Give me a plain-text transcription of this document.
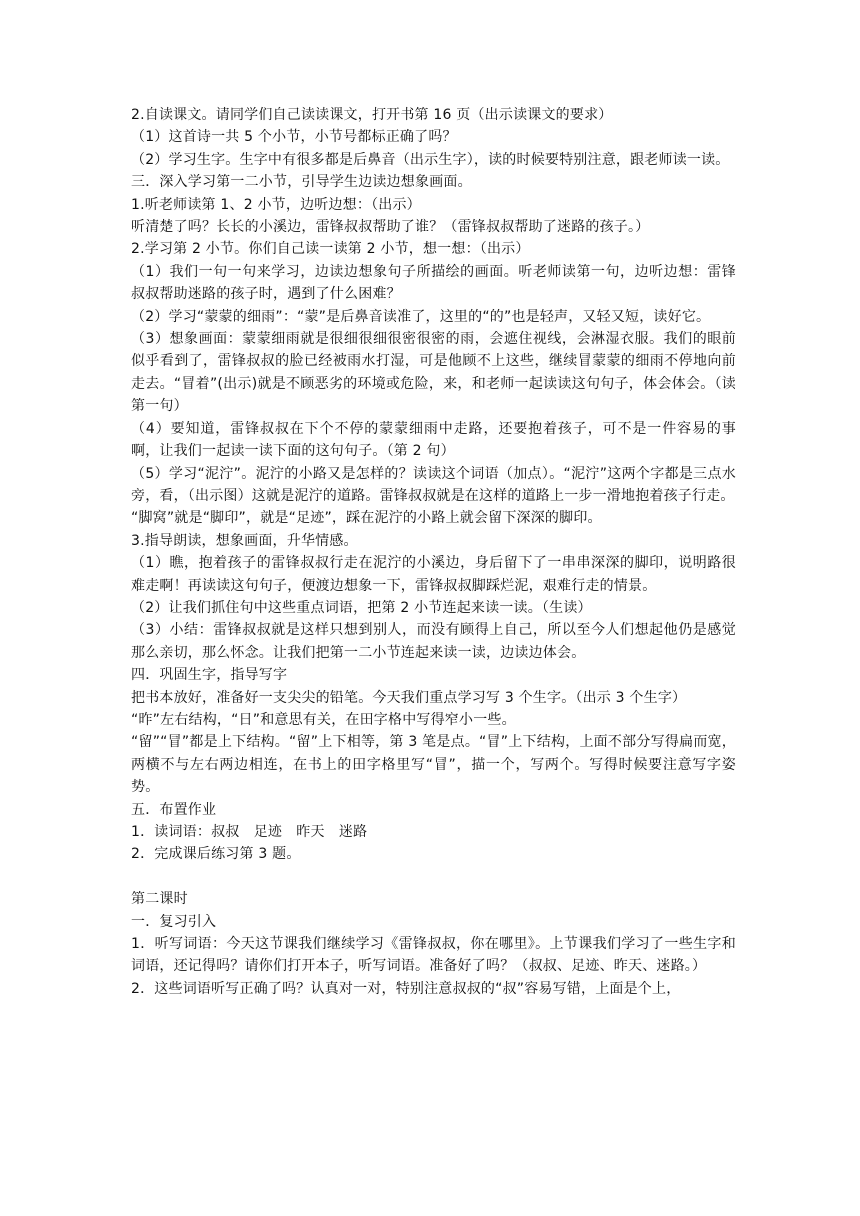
2.自读课文。请同学们自己读读课文，打开书第 16 页（出示读课文的要求）

（1）这首诗一共 5 个小节，小节号都标正确了吗？

（2）学习生字。生字中有很多都是后鼻音（出示生字），读的时候要特别注意，跟老师读一读。

三．深入学习第一二小节，引导学生边读边想象画面。

1.听老师读第 1、2 小节，边听边想：（出示）

听清楚了吗？长长的小溪边，雷锋叔叔帮助了谁？（雷锋叔叔帮助了迷路的孩子。）

2.学习第 2 小节。你们自己读一读第 2 小节，想一想：（出示）

（1）我们一句一句来学习，边读边想象句子所描绘的画面。听老师读第一句，边听边想：雷锋叔叔帮助迷路的孩子时，遇到了什么困难？

（2）学习“蒙蒙的细雨”：“蒙”是后鼻音读准了，这里的“的”也是轻声，又轻又短，读好它。

（3）想象画面：蒙蒙细雨就是很细很细很密很密的雨，会遮住视线，会淋湿衣服。我们的眼前似乎看到了，雷锋叔叔的脸已经被雨水打湿，可是他顾不上这些，继续冒蒙蒙的细雨不停地向前走去。“冒着”(出示)就是不顾恶劣的环境或危险，来，和老师一起读读这句句子，体会体会。（读第一句）

（4）要知道，雷锋叔叔在下个不停的蒙蒙细雨中走路，还要抱着孩子，可不是一件容易的事啊，让我们一起读一读下面的这句句子。（第 2 句）

（5）学习“泥泞”。泥泞的小路又是怎样的？读读这个词语（加点）。“泥泞”这两个字都是三点水旁，看，（出示图）这就是泥泞的道路。雷锋叔叔就是在这样的道路上一步一滑地抱着孩子行走。

“脚窝”就是“脚印”，就是“足迹”，踩在泥泞的小路上就会留下深深的脚印。

3.指导朗读，想象画面，升华情感。

（1）瞧，抱着孩子的雷锋叔叔行走在泥泞的小溪边，身后留下了一串串深深的脚印，说明路很难走啊！再读读这句句子，便渡边想象一下，雷锋叔叔脚踩烂泥，艰难行走的情景。

（2）让我们抓住句中这些重点词语，把第 2 小节连起来读一读。（生读）

（3）小结：雷锋叔叔就是这样只想到别人，而没有顾得上自己，所以至今人们想起他仍是感觉那么亲切，那么怀念。让我们把第一二小节连起来读一读，边读边体会。

四．巩固生字，指导写字

把书本放好，准备好一支尖尖的铅笔。今天我们重点学习写 3 个生字。（出示 3 个生字）

“昨”左右结构，“日”和意思有关，在田字格中写得窄小一些。

“留”“冒”都是上下结构。“留”上下相等，第 3 笔是点。“冒”上下结构，上面不部分写得扁而宽，两横不与左右两边相连，在书上的田字格里写“冒”，描一个，写两个。写得时候要注意写字姿势。

五．布置作业

1．读词语：叔叔　足迹　昨天　迷路

2．完成课后练习第 3 题。

第二课时

一．复习引入

1．听写词语：今天这节课我们继续学习《雷锋叔叔，你在哪里》。上节课我们学习了一些生字和词语，还记得吗？请你们打开本子，听写词语。准备好了吗？（叔叔、足迹、昨天、迷路。）

2．这些词语听写正确了吗？认真对一对，特别注意叔叔的“叔”容易写错，上面是个上，
